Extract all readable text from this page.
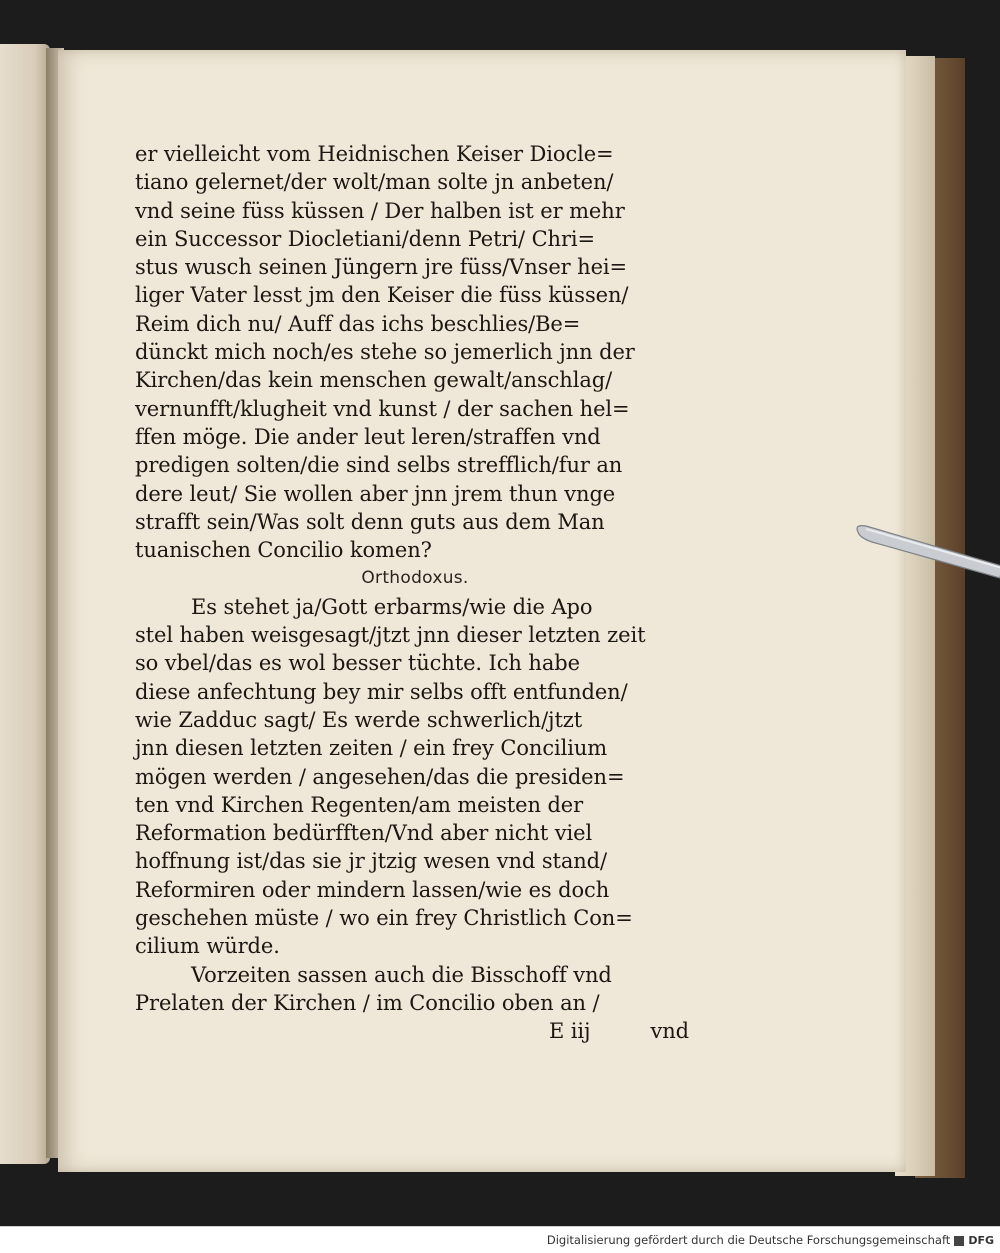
er vielleicht vom Heidnischen Keiser Diocle=
tiano gelernet/der wolt/man solte jn anbeten/
vnd seine füss küssen / Der halben ist er mehr
ein Successor Diocletiani/denn Petri/ Chri=
stus wusch seinen Jüngern jre füss/Vnser hei=
liger Vater lesst jm den Keiser die füss küssen/
Reim dich nu/ Auff das ichs beschlies/Be=
dünckt mich noch/es stehe so jemerlich jnn der
Kirchen/das kein menschen gewalt/anschlag/
vernunfft/klugheit vnd kunst / der sachen hel=
ffen möge. Die ander leut leren/straffen vnd
predigen solten/die sind selbs strefflich/fur an
dere leut/ Sie wollen aber jnn jrem thun vnge
strafft sein/Was solt denn guts aus dem Man
tuanischen Concilio komen?
Orthodoxus.
Es stehet ja/Gott erbarms/wie die Apo
stel haben weisgesagt/jtzt jnn dieser letzten zeit
so vbel/das es wol besser tüchte. Ich habe
diese anfechtung bey mir selbs offt entfunden/
wie Zadduc sagt/ Es werde schwerlich/jtzt
jnn diesen letzten zeiten / ein frey Concilium
mögen werden / angesehen/das die presiden=
ten vnd Kirchen Regenten/am meisten der
Reformation bedürfften/Vnd aber nicht viel
hoffnung ist/das sie jr jtzig wesen vnd stand/
Reformiren oder mindern lassen/wie es doch
geschehen müste / wo ein frey Christlich Con=
cilium würde.
Vorzeiten sassen auch die Bisschoff vnd
Prelaten der Kirchen / im Concilio oben an /
E iij	vnd
Digitalisierung gefördert durch die Deutsche Forschungsgemeinschaft	DFG
